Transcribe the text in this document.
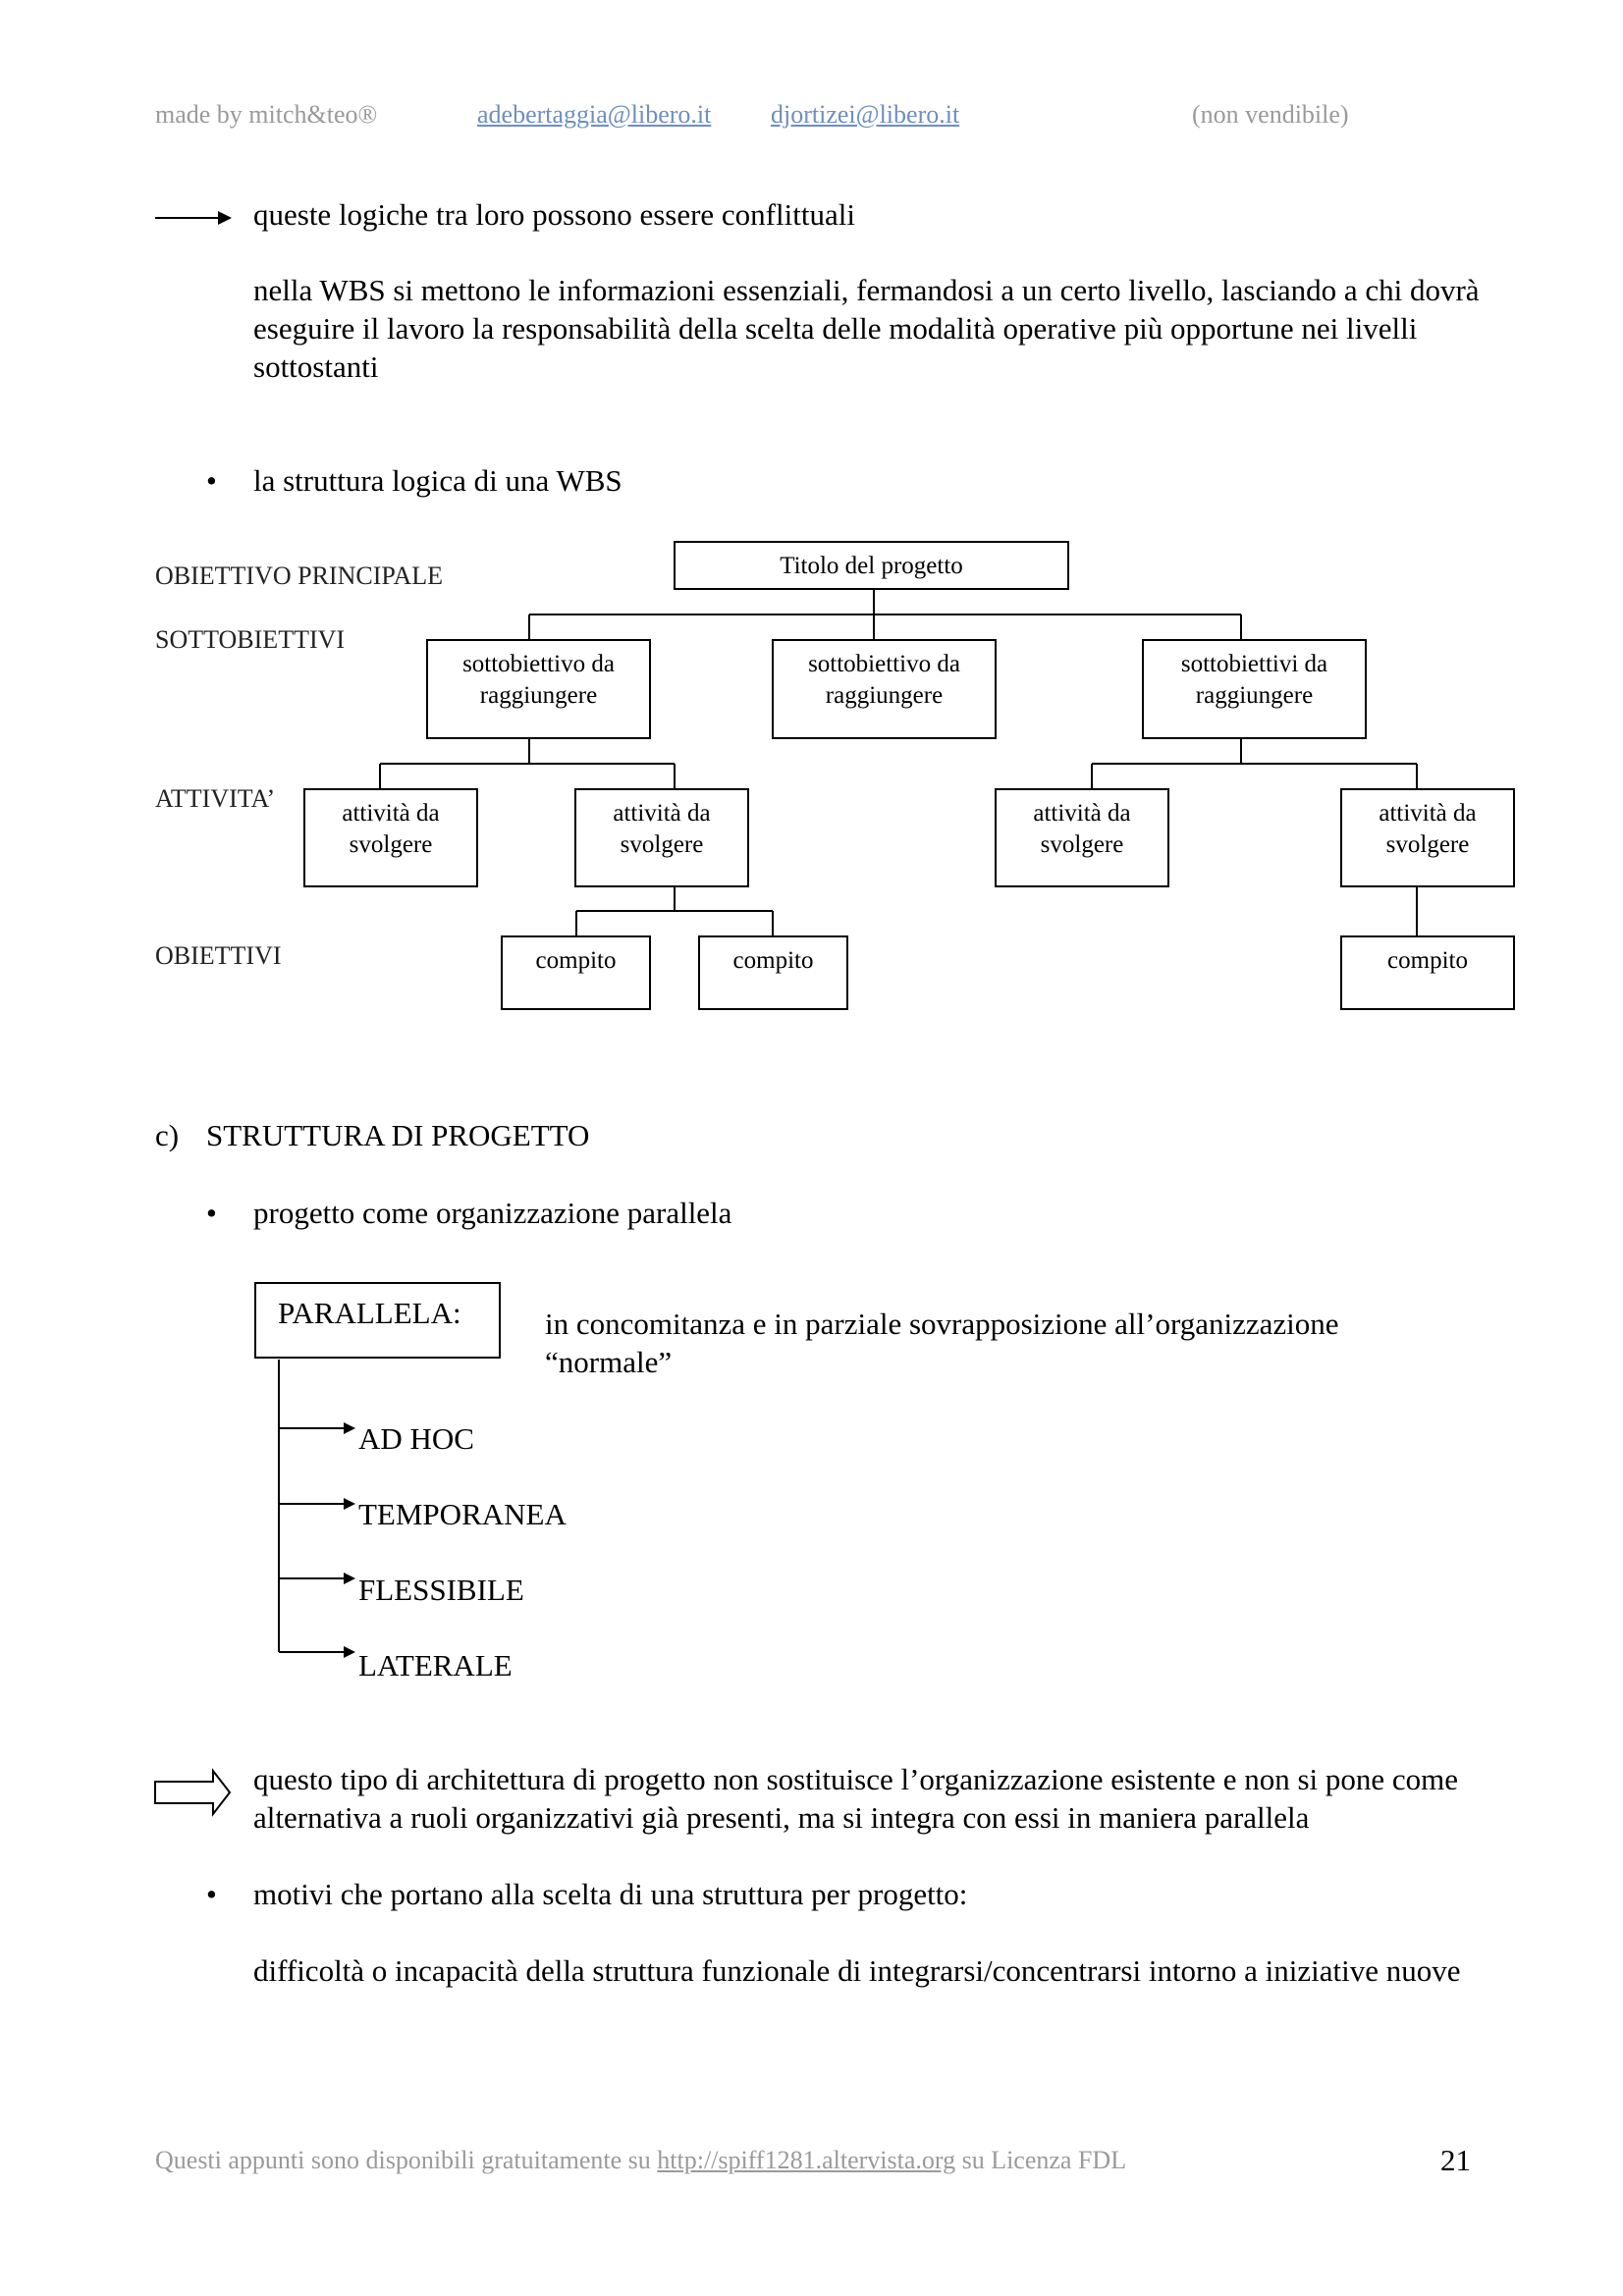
made by mitch&teo®	adebertaggia@libero.it djortizei@libero.it	(non vendibile)
queste logiche tra loro possono essere conflittuali
nella WBS si mettono le informazioni essenziali, fermandosi a un certo livello, lasciando a chi dovrà eseguire il lavoro la responsabilità della scelta delle modalità operative più opportune nei livelli sottostanti
• la struttura logica di una WBS
OBIETTIVO PRINCIPALE
SOTTOBIETTIVI
ATTIVITA’
OBIETTIVI
Titolo del progetto
sottobiettivo da raggiungere
sottobiettivo da raggiungere
sottobiettivi da raggiungere
attività da svolgere
attività da svolgere
attività da svolgere
attività da svolgere
compito	compito	compito
c) STRUTTURA DI PROGETTO
• progetto come organizzazione parallela
PARALLELA:	in concomitanza e in parziale sovrapposizione all’organizzazione “normale”
AD HOC
TEMPORANEA
FLESSIBILE
LATERALE
questo tipo di architettura di progetto non sostituisce l’organizzazione esistente e non si pone come alternativa a ruoli organizzativi già presenti, ma si integra con essi in maniera parallela
• motivi che portano alla scelta di una struttura per progetto:
difficoltà o incapacità della struttura funzionale di integrarsi/concentrarsi intorno a iniziative nuove
Questi appunti sono disponibili gratuitamente su http://spiff1281.altervista.org su Licenza FDL	21
